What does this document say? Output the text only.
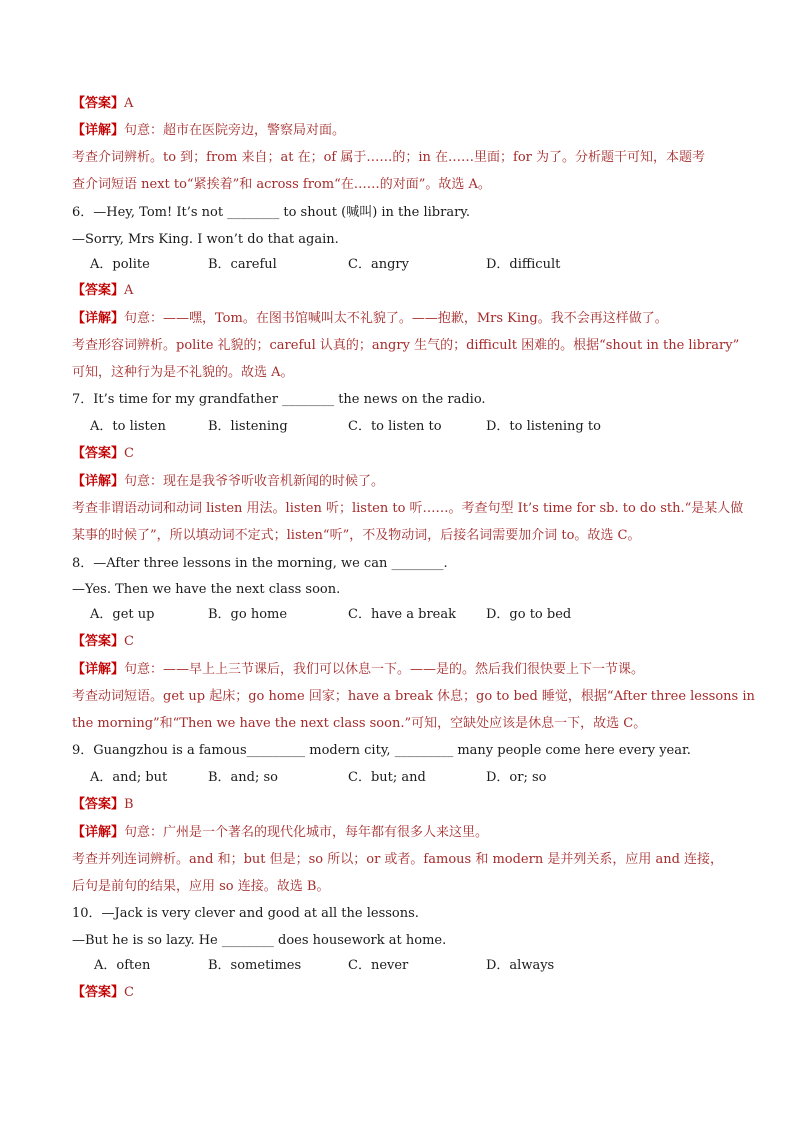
【答案】A
【详解】句意：超市在医院旁边，警察局对面。
考查介词辨析。to 到；from 来自；at 在；of 属于……的；in 在……里面；for 为了。分析题干可知，本题考
查介词短语 next to“紧挨着”和 across from“在……的对面”。故选 A。
6．—Hey, Tom! It’s not ________ to shout (喊叫) in the library.
—Sorry, Mrs King. I won’t do that again.
A．polite	B．careful	C．angry	D．difficult
【答案】A
【详解】句意：——嘿，Tom。在图书馆喊叫太不礼貌了。——抱歉，Mrs King。我不会再这样做了。
考查形容词辨析。polite 礼貌的；careful 认真的；angry 生气的；difficult 困难的。根据“shout in the library”
可知，这种行为是不礼貌的。故选 A。
7．It’s time for my grandfather ________ the news on the radio.
A．to listen	B．listening	C．to listen to	D．to listening to
【答案】C
【详解】句意：现在是我爷爷听收音机新闻的时候了。
考查非谓语动词和动词 listen 用法。listen 听；listen to 听……。考查句型 It’s time for sb. to do sth.“是某人做
某事的时候了”，所以填动词不定式；listen“听”，不及物动词，后接名词需要加介词 to。故选 C。
8．—After three lessons in the morning, we can ________.
—Yes. Then we have the next class soon.
A．get up	B．go home	C．have a break D．go to bed
【答案】C
【详解】句意：——早上上三节课后，我们可以休息一下。——是的。然后我们很快要上下一节课。
考查动词短语。get up 起床；go home 回家；have a break 休息；go to bed 睡觉，根据“After three lessons in
the morning”和“Then we have the next class soon.”可知，空缺处应该是休息一下，故选 C。
9．Guangzhou is a famous_________ modern city, _________ many people come here every year.
A．and; but	B．and; so	C．but; and	D．or; so
【答案】B
【详解】句意：广州是一个著名的现代化城市，每年都有很多人来这里。
考查并列连词辨析。and 和；but 但是；so 所以；or 或者。famous 和 modern 是并列关系，应用 and 连接，
后句是前句的结果，应用 so 连接。故选 B。
10．—Jack is very clever and good at all the lessons.
—But he is so lazy. He ________ does housework at home.
A．often	B．sometimes	C．never	D．always
【答案】C
